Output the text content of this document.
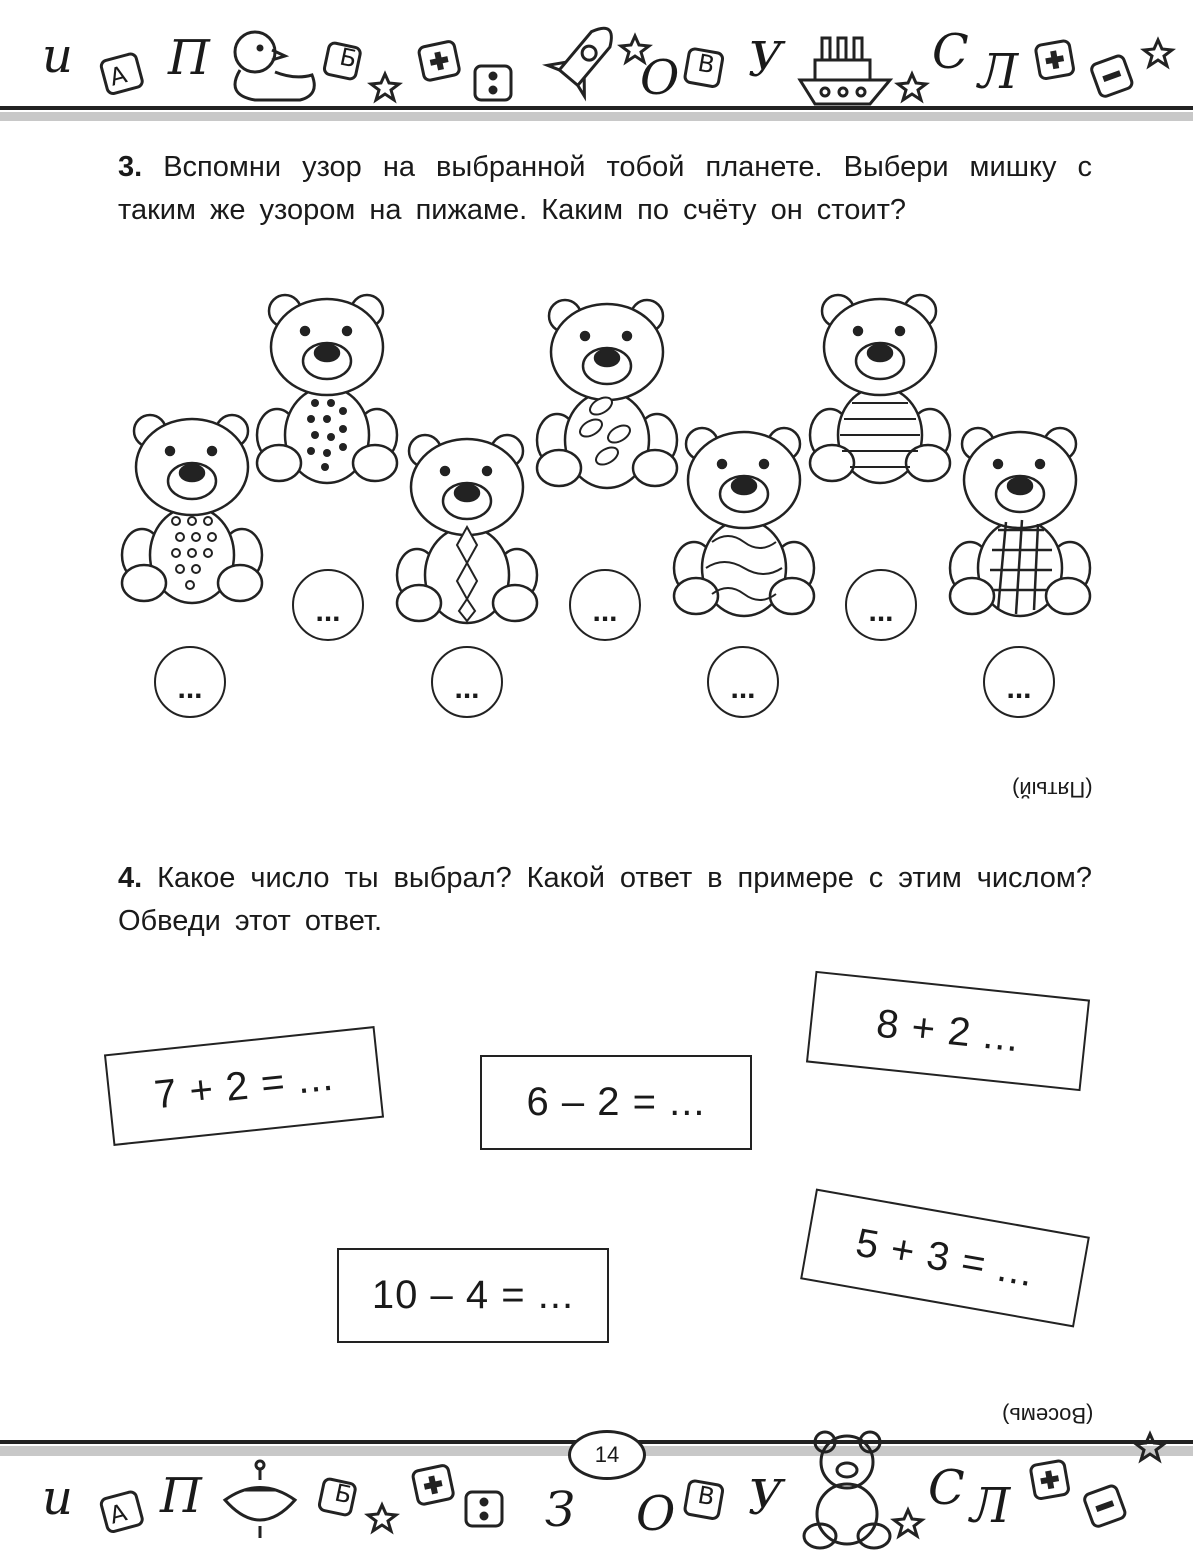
и А П	Б	О В У	С Л
3. Вспомни узор на выбранной тобой планете. Выбери мишку с таким же узором на пижаме. Каким по счёту он стоит?
...
...
...
...
...
...
...
(Пятый)
4. Какое число ты выбрал? Какой ответ в примере с этим числом? Обведи этот ответ.
7 + 2 = ...	6 – 2 = ...
8 + 2 ...
10 – 4 = ...
5 + 3 = ...
(Восемь)
и А П	Б	З О В У	С Л
14
